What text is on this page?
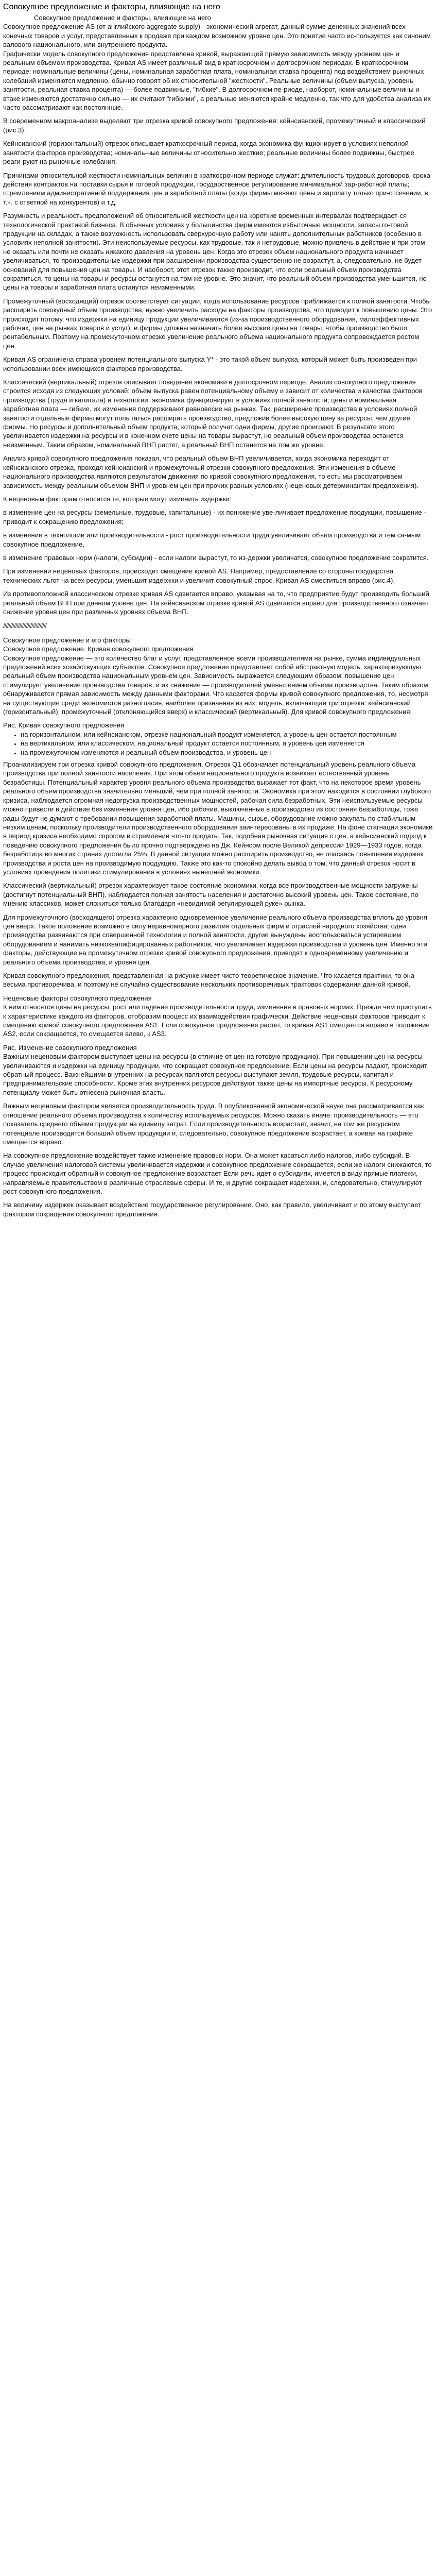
Совокупное предложение и факторы, влияющие на него

Совокупное предложение и факторы, влияющие на него

Совокупное предложение AS (от английского aggregate supply) - экономический агрегат, данный сумме денежных значений всех конечных товаров и услуг, представленных к продаже при каждом возможном уровне цен. Это понятие часто ис-пользуется как синоним валового национального, или внутреннего продукта.

Графически модель совокупного предложения представлена кривой, выражающей прямую зависимость между уровнем цен и реальным объемом производства. Кривая AS имеет различный вид в краткосрочном и долгосрочном периодах. В краткосрочном периоде: номинальные величины (цены, номинальная заработная плата, номинальная ставка процента) под воздействием рыночных колебаний изменяются медленно, обычно говорят об их относительной "жесткости". Реальные величины (объем выпуска, уровень занятости, реальная ставка процента) — более подвижные, "гибкие". В долгосрочном пе-риоде, наоборот, номинальные величины и втаке изменяются достаточно сильно — их считают "гибкими", а реальные меняются крайне медленно, так что для удобства анализа их часто рассматривают как постоянные.

В современном макроанализе выделяют три отрезка кривой совокупного предложения: кейнсианский, промежуточный и классический (рис.3).

Кейнсианский (горизонтальный) отрезок описывает краткосрочный период, когда экономика функционирует в условиях неполной занятости факторов производства; номиналь-ные величины относительно жесткие; реальные величины более подвижны, быстрее реаги-руют на рыночные колебания.

Причинами относительной жесткости номинальных величин в краткосрочном периоде служат: длительность трудовых договоров, срока действия контрактов на поставки сырья и готовой продукции, государственное регулирование минимальной зар-работной платы; стремлением административной поддержания цен и заработной платы (когда фирмы меняют цены и зарплату только при-отсечении, в т.ч. с ответной на конкурентов) и т.д.

Разумность и реальность предположений об относительной жесткости цен на короткие временных интервалах подтверждает-ся технологической практикой бизнеса. В обычных условиях у большинства фирм имеются избыточные мощности, запасы го-товой продукции на складах, а также возможность использовать сверхурочную работу или нанять дополнительных работников (особенно в условиях неполной занятости). Эти неиспользуемые ресурсы, как трудовые, так и нетрудовые, можно привлечь в действие и при этом не оказать или почти не оказать никакого давления на уровень цен. Когда это отрезок объем национального продукта начинает увеличиваться, то производительные издержки при расширении производства существенно не возрастут, а, следовательно, не будет оснований для повышения цен на товары. И наоборот, этот отрезок также производит, что если реальный объем производства сократиться, то цены на товары и ресурсы останутся на том же уровне. Это значит, что реальный объем производства уменьшится, но цены на товары и заработная плата останутся неизменными.

Промежуточный (восходящий) отрезок соответствует ситуации, когда использование ресурсов приближается к полной занятости. Чтобы расширить совокупный объем производства, нужно увеличить расходы на факторы производства, что приводит к повышению цены. Это происходит потому, что издержки на единицу продукции увеличиваются (из-за производственного оборудования, малоэффективных рабочих, цен на рынках товаров и услуг), и фирмы должны назначить более высокие цены на товары, чтобы производство было рентабельным. Поэтому на промежуточном отрезке увеличение реального объема национального продукта сопровождается ростом цен.

Кривая AS ограничена справа уровнем потенциального выпуска Y* - это такой объем выпуска, который может быть произведен при использовании всех имеющихся факторов производства.

Классический (вертикальный) отрезок описывает поведение экономики в долгосрочном периоде. Анализ совокупного предложения строится исходя из следующих условий: объем выпуска равен потенциальному объему и зависит от количества и качества факторов производства (труда и капитала) и технологии; экономика функционирует в условиях полной занятости; цены и номинальная заработная плата — гибкие, их изменения поддерживают равновесие на рынках. Так, расширение производства в условиях полной занятости отдельные фирмы могут попытаться расширить производство, предложив более высокую цену за ресурсы, чем другие фирмы. Но ресурсы и дополнительный объем продукта, который получат одни фирмы, другие проиграют. В результате этого увеличивается издержки на ресурсы и в конечном счете цены на товары вырастут, но реальный объем производства останется неизменным. Таким образом, номинальный ВНП растет, а реальный ВНП останется на том же уровне.

Анализ кривой совокупного предложения показал, что реальный объем ВНП увеличивается, когда экономика переходит от кейнсианского отрезка, проходя кейнсианский и промежуточный отрезки совокупного предложения. Эти изменения в объеме национального производства являются результатом движения по кривой совокупного предложения, то есть мы рассматриваем зависимость между реальным объемом ВНП и уровнем цен при прочих равных условиях (неценовых детерминантах предложения).

К неценовым факторам относится те, которые могут изменить издержки:

в изменение цен на ресурсы (земельные, трудовые, капитальные) - их понижение уве-личивает предложение продукции, повышение - приводит к сокращению предложения;

в изменение в технологии или производительности - рост производительности труда увеличивает объем производства и тем са-мым совокупное предложение,

в изменение правовых норм (налоги, субсидии) - если налоги вырастут, то из-держки увеличатся, совокупное предложение сократится.

При изменении неценовых факторов, происходит смещение кривой AS. Например, предоставление со стороны государства технических льгот на всех ресурсы, уменьшит издержки и увеличит совокупный спрос. Кривая AS сместиться вправо (рис.4).

Из противоположной классическом отрезке кривая AS сдвигается вправо, указывая на то, что предприятие будут производить больший реальный объем ВНП при данном уровне цен. На кейнсианском отрезке кривой AS сдвигается вправо для производственного означает снижение уровня цен при различных уровнях объема ВНП.

////////////////////////////////

Совокупное предложение и его факторы

Совокупное предложение. Кривая совокупного предложения

Совокупное предложение — это количество благ и услуг, представленное всеми производителями на рынке, сумма индивидуальных предложений всех хозяйствующих субъектов. Совокупное предложение представляет собой абстрактную модель, характеризующую реальный объем производства национальным уровнем цен. Зависимость выражается следующим образом: повышение цен стимулирует увеличение производства товаров, и их снижение — производителей уменьшением объема производства. Таким образом, обнаруживается прямая зависимость между данными факторами. Что касается формы кривой совокупного предложения, то, несмотря на существующие среди экономистов разногласия, наиболее признанная из них: модель, включающая три отрезка: кейнсианский (горизонтальный), промежуточный (отклоняющийся вверх) и классический (вертикальный). Для кривой совокупного предложения:

Рис. Кривая совокупного предложения

• на горизонтальном, или кейнсианском, отрезке национальный продукт изменяется, а уровень цен остается постоянным
• на вертикальном, или классическом, национальный продукт остается постоянным, а уровень цен изменяется
• на промежуточном изменяются и реальный объем производства, и уровень цен

Проанализируем три отрезка кривой совокупного предложения. Отрезок Q1 обозначает потенциальный уровень реального объема производства при полной занятости населения. При этом объем национального продукта возникает естественный уровень безработицы. Потенциальный характер уровня реального объема производства выражает тот факт, что на некоторое время уровень реального объем производства значительно меньший, чем при полной занятости. Экономика при этом находится в состоянии глубокого кризиса, наблюдается огромная недогрузка производственных мощностей, рабочая сила безработных. Эти неиспользуемые ресурсы можно привести в действие без изменения уровня цен, ибо рабочие, выключенные в производство из состояния безработицы, тоже рады будут не думают о требовании повышения заработной платы. Машины, сырье, оборудование можно закупать по стабильным низким ценам, поскольку производители производственного оборудования заинтересованы в их продаже. На фоне стагнации экономики в период кризиса необходимо спросом в стремлении что-то продать. Так, подобная рыночная ситуация с цен, а кейнсианский подход к поведению совокупного предложения было прочно подтверждено на Дж. Кейнсом после Великой депрессии 1929—1933 годов, когда безработица во многих странах достигла 25%. В данной ситуации можно расширить производство, не опасаясь повышения издержек производства и роста цен на производимую продукцию. Также это как-то спокойно делать вывод о том, что данный отрезок носит в условиях проведения политики стимулирования в условиях нынешней экономики.

Классический (вертикальный) отрезок характеризует такое состояние экономики, когда все производственные мощности загружены (достигнут потенциальный ВНП), наблюдается полная занятость населения и достаточно высокий уровень цен. Такое состояние, по мнению классиков, может сложиться только благодаря «невидимой регулирующей руке» рынка.

Для промежуточного (восходящего) отрезка характерно одновременное увеличение реального объема производства вплоть до уровня цен вверх. Такое положение возможно в силу неравномерного развития отдельных фирм и отраслей народного хозяйства: одни производства развиваются при совершенной технологии и полной занятости, другие вынуждены воспользоваться устаревшим оборудованием и нанимать низкоквалифицированных работников, что увеличивает издержки производства и уровень цен. Именно эти факторы, действующие на промежуточном отрезке кривой совокупного предложения, приводят к одновременному увеличению и реального объема производства, и уровня цен.

Кривая совокупного предложения, представленная на рисунке имеет чисто теоретическое значение. Что касается практики, то она весьма противоречива, и поэтому не случайно существование нескольких противоречивых трактовок содержания данной кривой.

Неценовые факторы совокупного предложения

К ним относятся цены на ресурсы, рост или падение производительности труда, изменения в правовых нормах. Прежде чем приступить к характеристике каждого из факторов, отобразим процесс их взаимодействия графически. Действие неценовых факторов приводит к смещению кривой совокупного предложения AS1. Если совокупное предложение растет, то кривая AS1 смещается вправо в положение AS2, если сокращается, то смещается влево, к AS3.

Рис. Изменение совокупного предложения

Важным неценовым фактором выступает цены на ресурсы (в отличие от цен на готовую продукцию). При повышении цен на ресурсы увеличиваются и издержки на единицу продукции, что сокращает совокупное предложение. Если цены на ресурсы падают, происходит обратный процесс. Важнейшими внутренних на ресурсах являются ресурсы выступают земля, трудовые ресурсы, капитал и предпринимательские способности. Кроме этих внутренних ресурсов действуют также цены на импортные ресурсы. К ресурсному потенциалу может быть отнесена рыночная власть.

Важным неценовым фактором является производительность труда. В опубликованной экономической науке она рассматривается как отношение реального объема производства к количеству используемых ресурсов. Можно сказать иначе: производительность — это показатель среднего объема продукции на единицу затрат. Если производительность возрастает, значит, на том же ресурсном потенциале производится больший объем продукции и, следовательно, совокупное предложение возрастает, а кривая на графике смещается вправо.

На совокупное предложение воздействует также изменение правовых норм. Она может касаться либо налогов, либо субсидий. В случае увеличения налоговой системы увеличивается издержки и совокупное предложение сокращается, если же налоги снижаются, то процесс происходит обратный и совокупное предложение возрастает Если речь идет о субсидиях, имеется в виду прямые платежи, направляемые правительством в различные отраслевые сферы. И те, и другие сокращает издержки, и, следовательно, стимулируют рост совокупного предложения.

На величину издержек оказывает воздействие государственное регулирование. Оно, как правило, увеличивает и по этому выступает фактором сокращения совокупного предложения.
